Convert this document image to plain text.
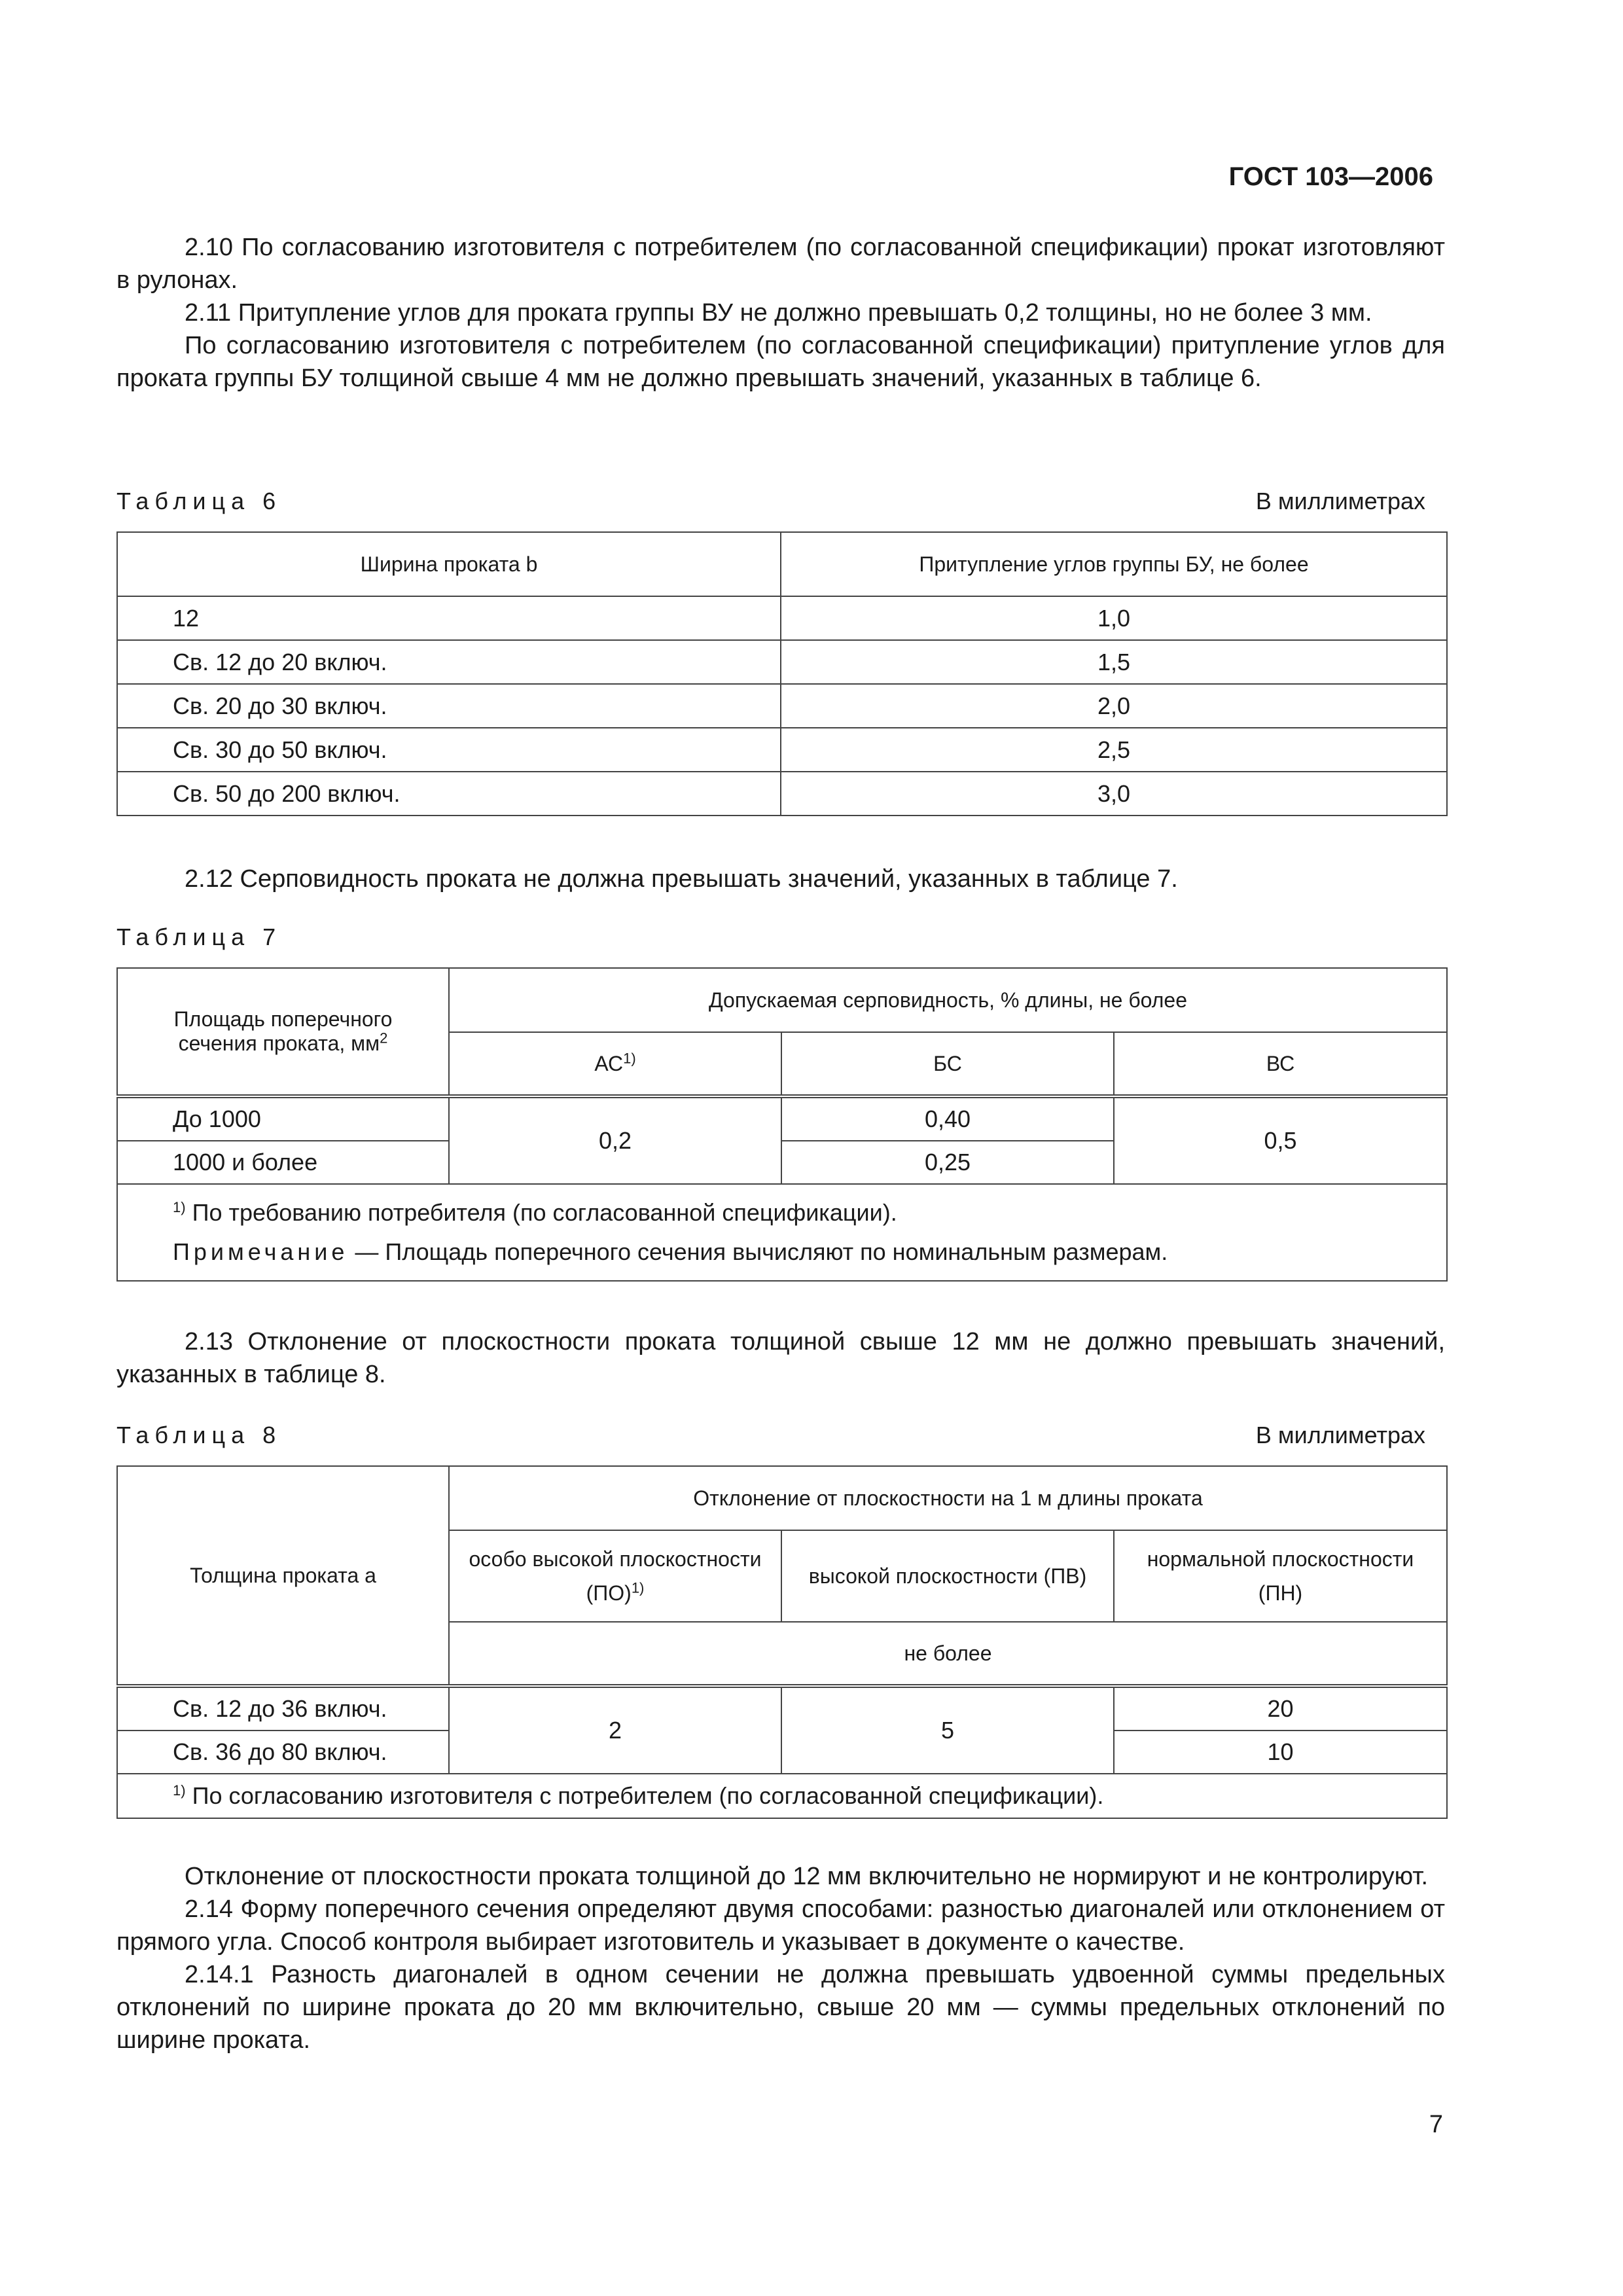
ГОСТ 103—2006

2.10 По согласованию изготовителя с потребителем (по согласованной спецификации) прокат изготовляют в рулонах.

2.11 Притупление углов для проката группы ВУ не должно превышать 0,2 толщины, но не более 3 мм.

По согласованию изготовителя с потребителем (по согласованной спецификации) притупление углов для проката группы БУ толщиной свыше 4 мм не должно превышать значений, указанных в таблице 6.

Таблица 6	В миллиметрах
Ширина проката b	Притупление углов группы БУ, не более
12	1,0
Св. 12 до 20 включ.	1,5
Св. 20 до 30 включ.	2,0
Св. 30 до 50 включ.	2,5
Св. 50 до 200 включ.	3,0

2.12 Серповидность проката не должна превышать значений, указанных в таблице 7.

Таблица 7
Площадь поперечного
сечения проката, $мм^2$	Допускаемая серповидность, % длины, не более		
	АС$^{1)}$	БС	ВС
До 1000	0,2	0,40	0,5
1000 и более		0,25	

$^{1)}$ По требованию потребителя (по согласованной спецификации).
Примечание — Площадь поперечного сечения вычисляют по номинальным размерам.			

2.13 Отклонение от плоскостности проката толщиной свыше 12 мм не должно превышать значений, указанных в таблице 8.

Таблица 8	В миллиметрах
Толщина проката a	Отклонение от плоскостности на 1 м длины проката		
	особо высокой плоскостности
(ПО)$^{1)}$	высокой плоскостности (ПВ)	нормальной плоскостности
(ПН)
	не более		
Св. 12 до 36 включ.	2	5	20
Св. 36 до 80 включ.			10
$^{1)}$ По согласованию изготовителя с потребителем (по согласованной спецификации).			

Отклонение от плоскостности проката толщиной до 12 мм включительно не нормируют и не контролируют.

2.14 Форму поперечного сечения определяют двумя способами: разностью диагоналей или отклонением от прямого угла. Способ контроля выбирает изготовитель и указывает в документе о качестве.

2.14.1 Разность диагоналей в одном сечении не должна превышать удвоенной суммы предельных отклонений по ширине проката до 20 мм включительно, свыше 20 мм — суммы предельных отклонений по ширине проката.

7
